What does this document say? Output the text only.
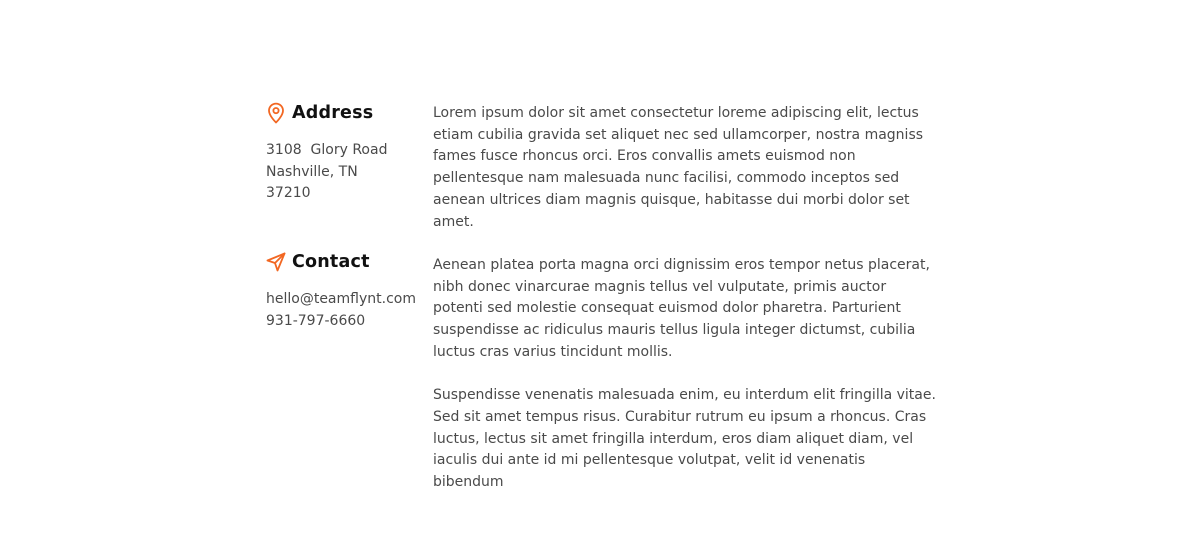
Address
3108  Glory Road
Nashville, TN
37210
Contact
hello@teamflynt.com
931-797-6660

Lorem ipsum dolor sit amet consectetur loreme adipiscing elit, lectus etiam cubilia gravida set aliquet nec sed ullamcorper, nostra magniss fames fusce rhoncus orci. Eros convallis amets euismod non pellentesque nam malesuada nunc facilisi, commodo inceptos sed aenean ultrices diam magnis quisque, habitasse dui morbi dolor set amet.

Aenean platea porta magna orci dignissim eros tempor netus placerat, nibh donec vinarcurae magnis tellus vel vulputate, primis auctor potenti sed molestie consequat euismod dolor pharetra. Parturient suspendisse ac ridiculus mauris tellus ligula integer dictumst, cubilia luctus cras varius tincidunt mollis.

Suspendisse venenatis malesuada enim, eu interdum elit fringilla vitae. Sed sit amet tempus risus. Curabitur rutrum eu ipsum a rhoncus. Cras luctus, lectus sit amet fringilla interdum, eros diam aliquet diam, vel iaculis dui ante id mi pellentesque volutpat, velit id venenatis bibendum
